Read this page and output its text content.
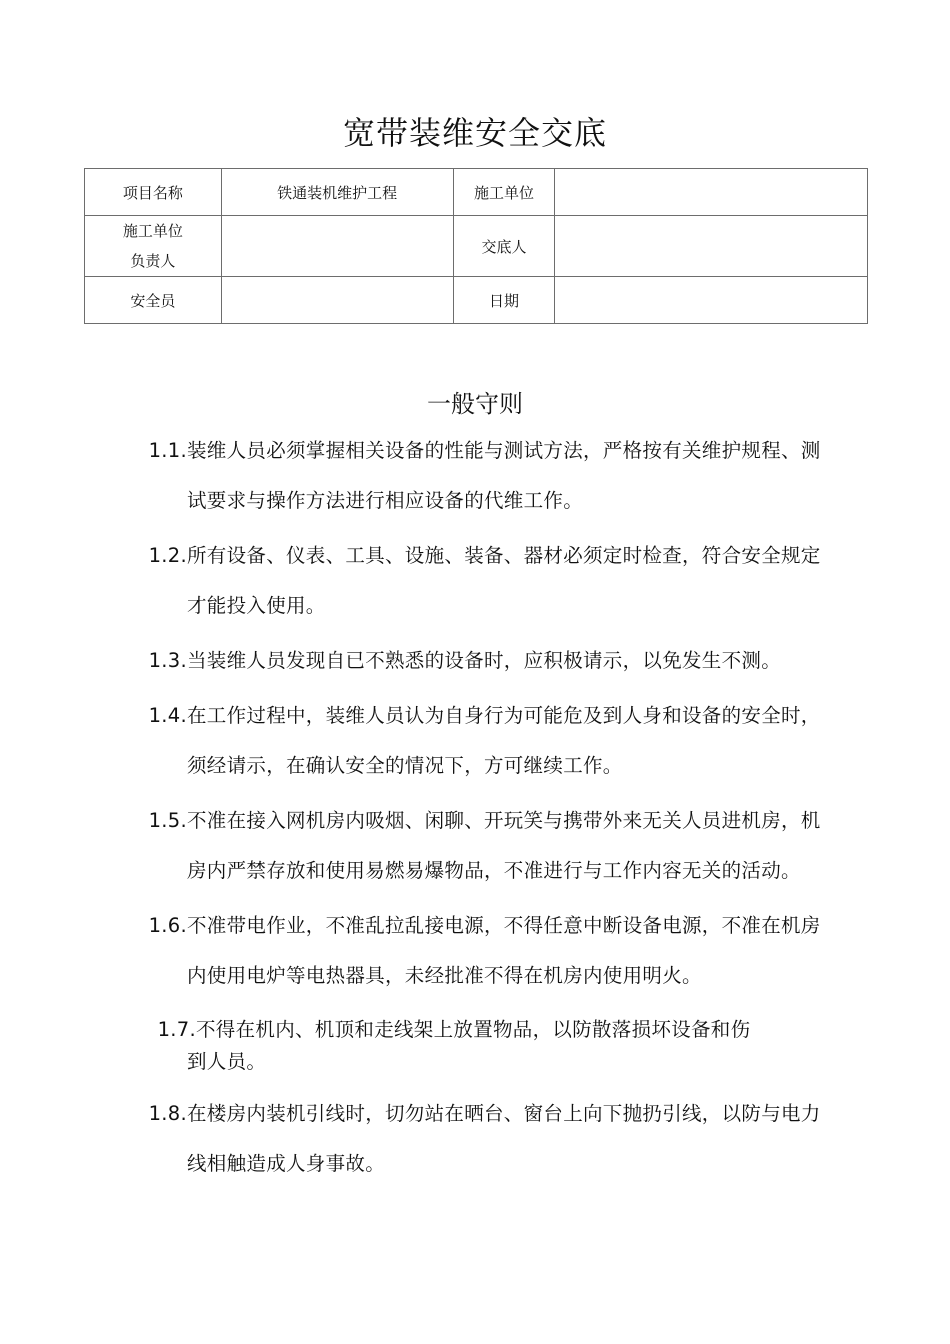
宽带装维安全交底
项目名称	铁通装机维护工程	施工单位	

施工单位
负责人		交底人	
安全员		日期	
一般守则
1.1. 装维人员必须掌握相关设备的性能与测试方法，严格按有关维护规程、测
试要求与操作方法进行相应设备的代维工作。
1.2. 所有设备、仪表、工具、设施、装备、器材必须定时检查，符合安全规定
才能投入使用。
1.3. 当装维人员发现自已不熟悉的设备时，应积极请示，以免发生不测。
1.4. 在工作过程中，装维人员认为自身行为可能危及到人身和设备的安全时，
须经请示，在确认安全的情况下，方可继续工作。
1.5. 不准在接入网机房内吸烟、闲聊、开玩笑与携带外来无关人员进机房，机
房内严禁存放和使用易燃易爆物品，不准进行与工作内容无关的活动。
1.6. 不准带电作业，不准乱拉乱接电源，不得任意中断设备电源，不准在机房
内使用电炉等电热器具，未经批准不得在机房内使用明火。
1.7. 不得在机内、机顶和走线架上放置物品，以防散落损坏设备和伤
到人员。
1.8. 在楼房内装机引线时，切勿站在晒台、窗台上向下抛扔引线，以防与电力
线相触造成人身事故。
